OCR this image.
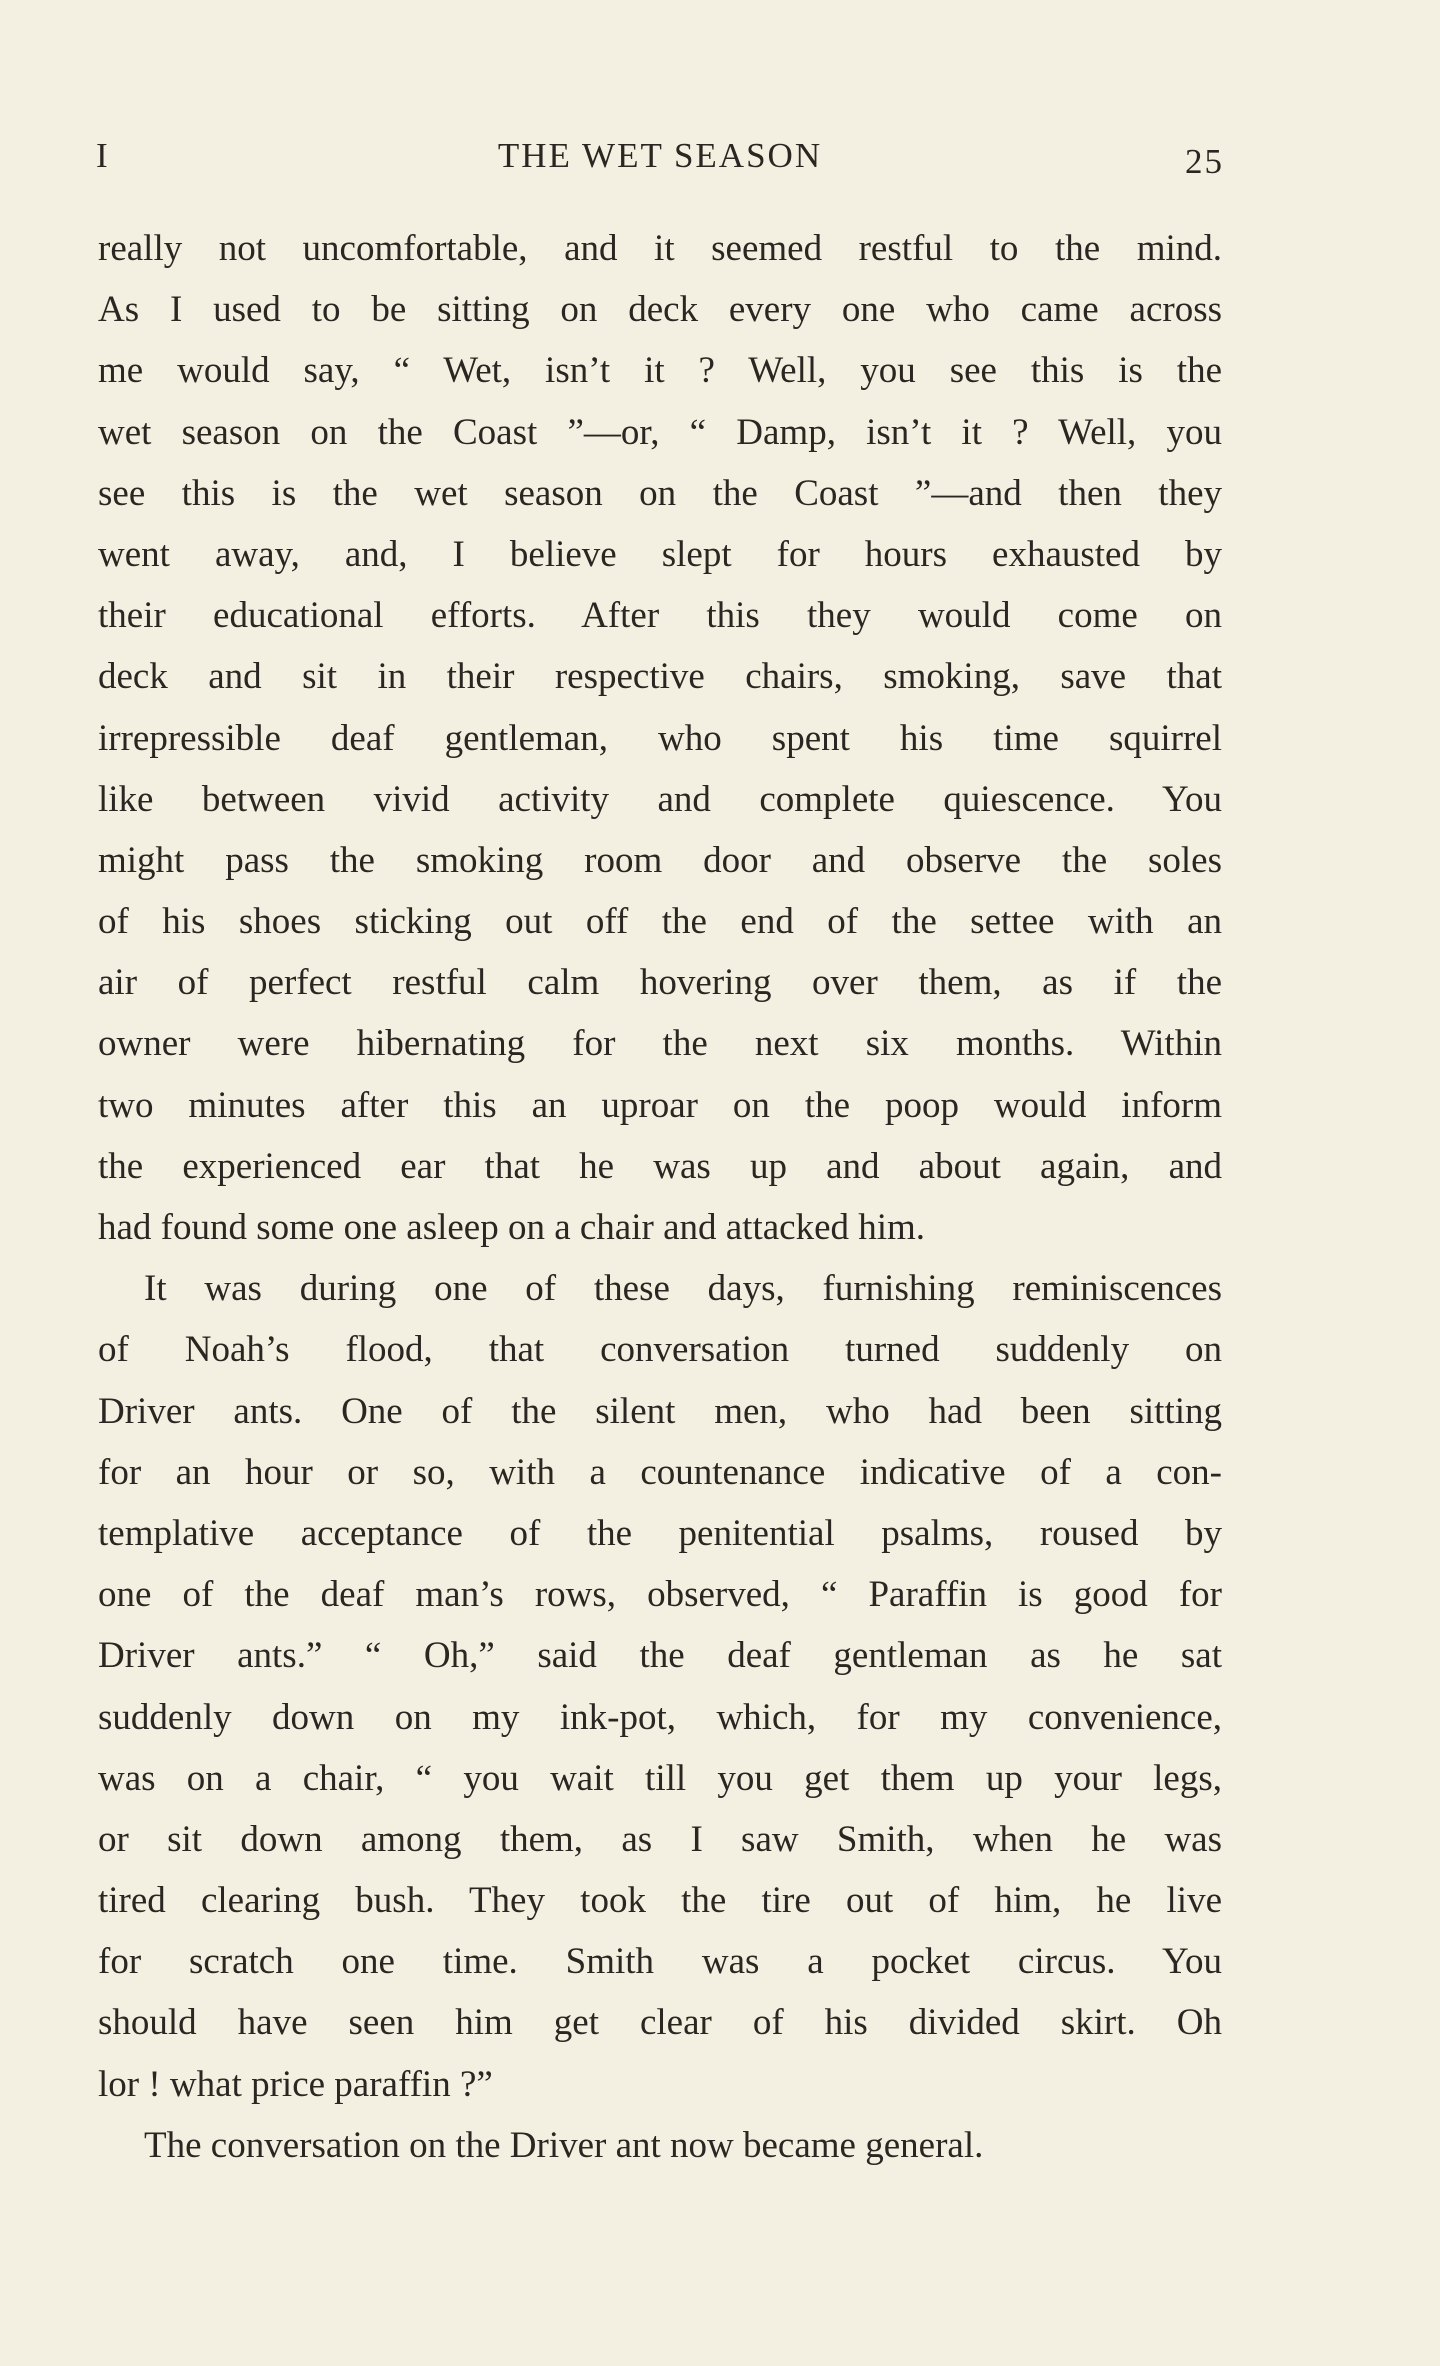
I	THE WET SEASON	25
really not uncomfortable, and it seemed restful to the mind.
As I used to be sitting on deck every one who came across
me would say, “ Wet, isn’t it ? Well, you see this is the
wet season on the Coast ”—or, “ Damp, isn’t it ? Well, you
see this is the wet season on the Coast ”—and then they
went away, and, I believe slept for hours exhausted by
their educational efforts. After this they would come on
deck and sit in their respective chairs, smoking, save that
irrepressible deaf gentleman, who spent his time squirrel
like between vivid activity and complete quiescence. You
might pass the smoking room door and observe the soles
of his shoes sticking out off the end of the settee with an
air of perfect restful calm hovering over them, as if the
owner were hibernating for the next six months. Within
two minutes after this an uproar on the poop would inform
the experienced ear that he was up and about again, and
had found some one asleep on a chair and attacked him.
It was during one of these days, furnishing reminiscences
of Noah’s flood, that conversation turned suddenly on
Driver ants. One of the silent men, who had been sitting
for an hour or so, with a countenance indicative of a con-
templative acceptance of the penitential psalms, roused by
one of the deaf man’s rows, observed, “ Paraffin is good for
Driver ants.” “ Oh,” said the deaf gentleman as he sat
suddenly down on my ink-pot, which, for my convenience,
was on a chair, “ you wait till you get them up your legs,
or sit down among them, as I saw Smith, when he was
tired clearing bush. They took the tire out of him, he live
for scratch one time. Smith was a pocket circus. You
should have seen him get clear of his divided skirt. Oh
lor ! what price paraffin ?”
The conversation on the Driver ant now became general.
